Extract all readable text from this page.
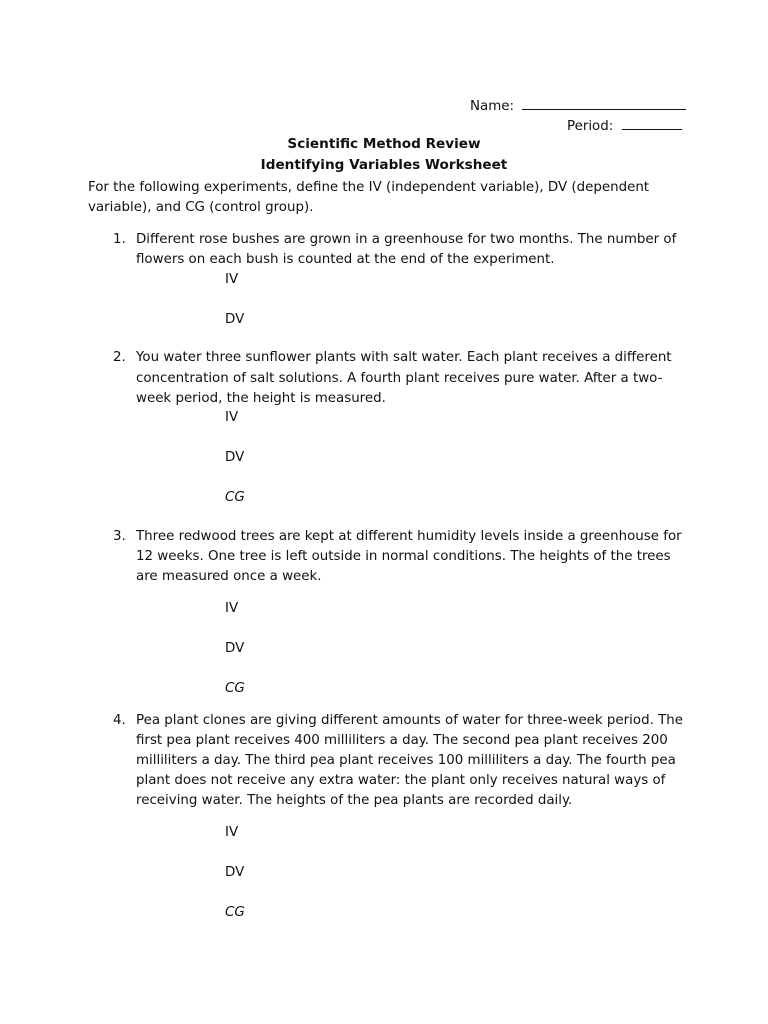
Name:
Period:
Scientific Method Review
Identifying Variables Worksheet
For the following experiments, define the IV (independent variable), DV (dependent
variable), and CG (control group).
1. Different rose bushes are grown in a greenhouse for two months. The number of
flowers on each bush is counted at the end of the experiment.
IV
DV
2. You water three sunflower plants with salt water. Each plant receives a different
concentration of salt solutions. A fourth plant receives pure water. After a two-
week period, the height is measured.
IV
DV
CG
3. Three redwood trees are kept at different humidity levels inside a greenhouse for
12 weeks. One tree is left outside in normal conditions. The heights of the trees
are measured once a week.
IV
DV
CG
4. Pea plant clones are giving different amounts of water for three-week period. The
first pea plant receives 400 milliliters a day. The second pea plant receives 200
milliliters a day. The third pea plant receives 100 milliliters a day. The fourth pea
plant does not receive any extra water: the plant only receives natural ways of
receiving water. The heights of the pea plants are recorded daily.
IV
DV
CG
